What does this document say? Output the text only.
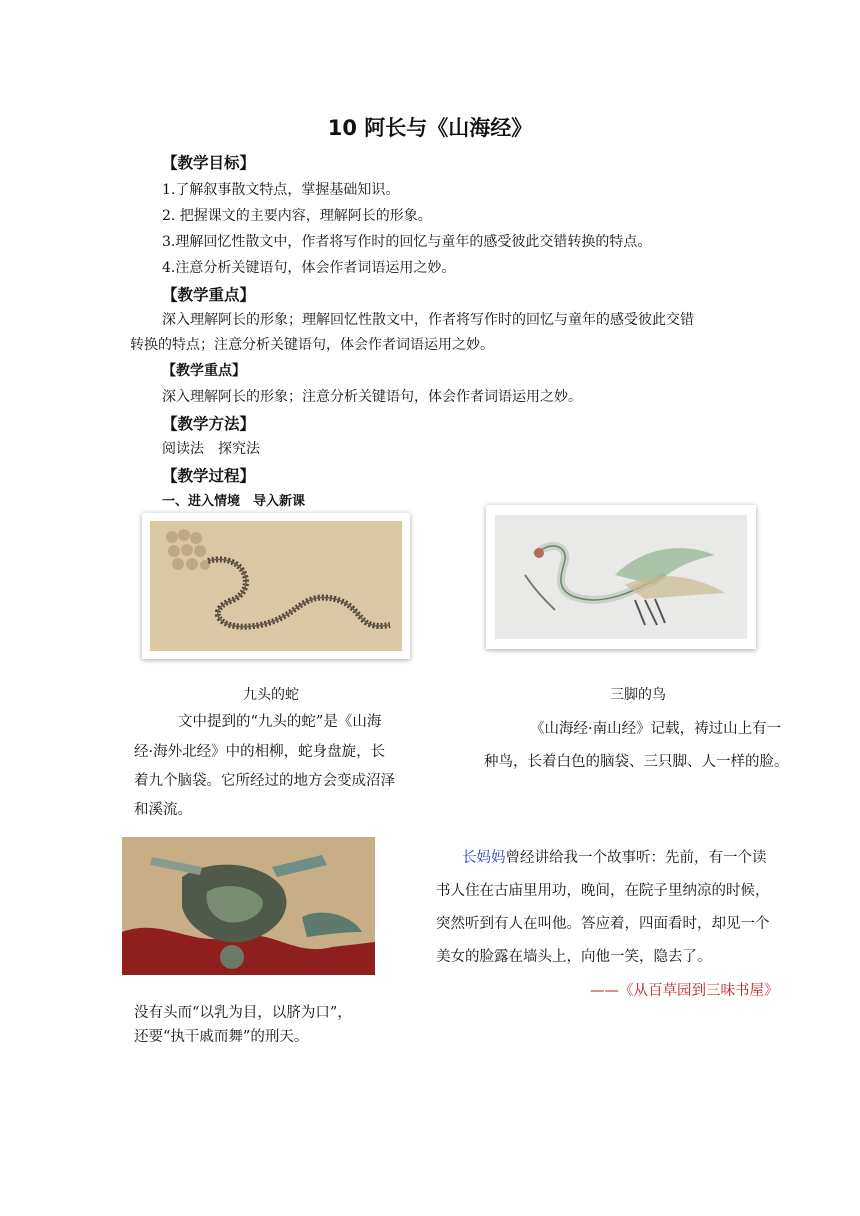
10 阿长与《山海经》
【教学目标】
1.了解叙事散文特点，掌握基础知识。
2. 把握课文的主要内容，理解阿长的形象。
3.理解回忆性散文中，作者将写作时的回忆与童年的感受彼此交错转换的特点。
4.注意分析关键语句，体会作者词语运用之妙。
【教学重点】
深入理解阿长的形象；理解回忆性散文中，作者将写作时的回忆与童年的感受彼此交错
转换的特点；注意分析关键语句，体会作者词语运用之妙。
【教学重点】
深入理解阿长的形象；注意分析关键语句，体会作者词语运用之妙。
【教学方法】
阅读法　探究法
【教学过程】
一、进入情境　导入新课
九头的蛇	三脚的鸟
文中提到的“九头的蛇”是《山海
经·海外北经》中的相柳，蛇身盘旋，长
着九个脑袋。它所经过的地方会变成沼泽
和溪流。
《山海经·南山经》记载，祷过山上有一
种鸟，长着白色的脑袋、三只脚、人一样的脸。
没有头而“以乳为目，以脐为口”，
还要“执干戚而舞”的刑天。
长妈妈曾经讲给我一个故事听：先前，有一个读
书人住在古庙里用功，晚间，在院子里纳凉的时候，
突然听到有人在叫他。答应着，四面看时，却见一个
美女的脸露在墙头上，向他一笑，隐去了。
——《从百草园到三味书屋》
